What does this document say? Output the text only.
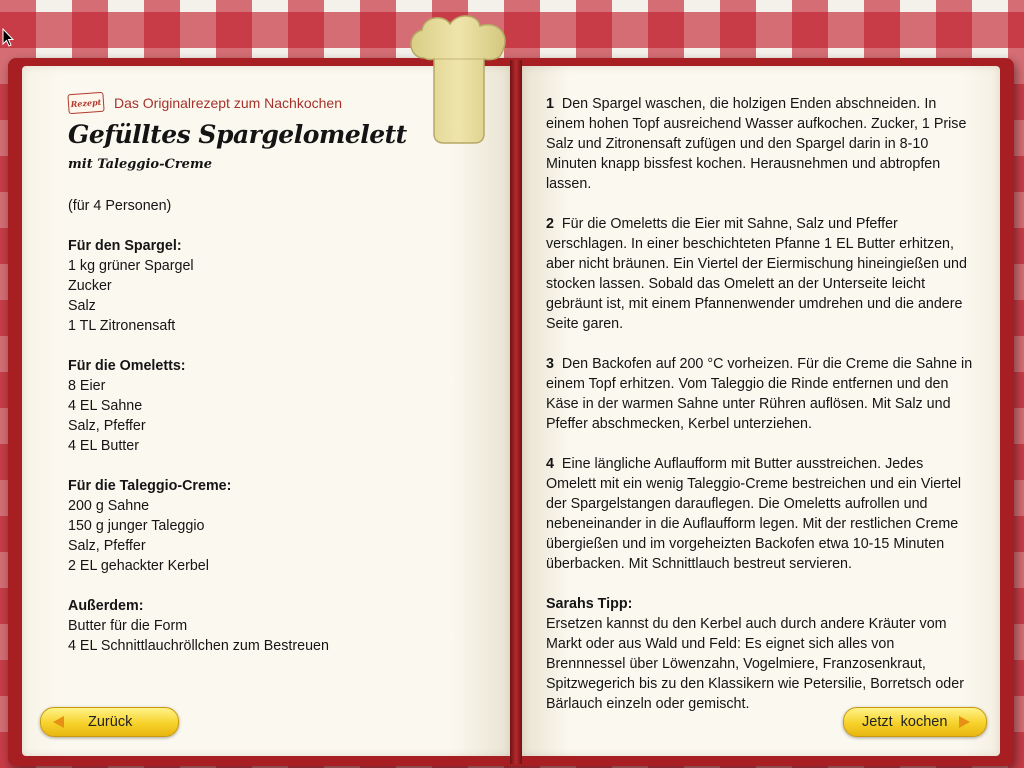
Rezept Das Originalrezept zum Nachkochen
Gefülltes Spargelomelett
mit Taleggio-Creme

(für 4 Personen)

Für den Spargel:

1 kg grüner Spargel

Zucker

Salz

1 TL Zitronensaft

Für die Omeletts:

8 Eier

4 EL Sahne

Salz, Pfeffer

4 EL Butter

Für die Taleggio-Creme:

200 g Sahne

150 g junger Taleggio

Salz, Pfeffer

2 EL gehackter Kerbel

Außerdem:

Butter für die Form

4 EL Schnittlauchröllchen zum Bestreuen

1 Den Spargel waschen, die holzigen Enden abschneiden. In einem hohen Topf ausreichend Wasser aufkochen. Zucker, 1 Prise Salz und Zitronensaft zufügen und den Spargel darin in 8-10 Minuten knapp bissfest kochen. Herausnehmen und abtropfen lassen.

2 Für die Omeletts die Eier mit Sahne, Salz und Pfeffer verschlagen. In einer beschichteten Pfanne 1 EL Butter erhitzen, aber nicht bräunen. Ein Viertel der Eiermischung hineingießen und stocken lassen. Sobald das Omelett an der Unterseite leicht gebräunt ist, mit einem Pfannenwender umdrehen und die andere Seite garen.

3 Den Backofen auf 200 °C vorheizen. Für die Creme die Sahne in einem Topf erhitzen. Vom Taleggio die Rinde entfernen und den Käse in der warmen Sahne unter Rühren auflösen. Mit Salz und Pfeffer abschmecken, Kerbel unterziehen.

4 Eine längliche Auflaufform mit Butter ausstreichen. Jedes Omelett mit ein wenig Taleggio-Creme bestreichen und ein Viertel der Spargelstangen darauflegen. Die Omeletts aufrollen und nebeneinander in die Auflaufform legen. Mit der restlichen Creme übergießen und im vorgeheizten Backofen etwa 10-15 Minuten überbacken. Mit Schnittlauch bestreut servieren.

Sarahs Tipp:

Ersetzen kannst du den Kerbel auch durch andere Kräuter vom Markt oder aus Wald und Feld: Es eignet sich alles von Brennnessel über Löwenzahn, Vogelmiere, Franzosenkraut, Spitzwegerich bis zu den Klassikern wie Petersilie, Borretsch oder Bärlauch einzeln oder gemischt.

Zurück	Jetzt kochen
